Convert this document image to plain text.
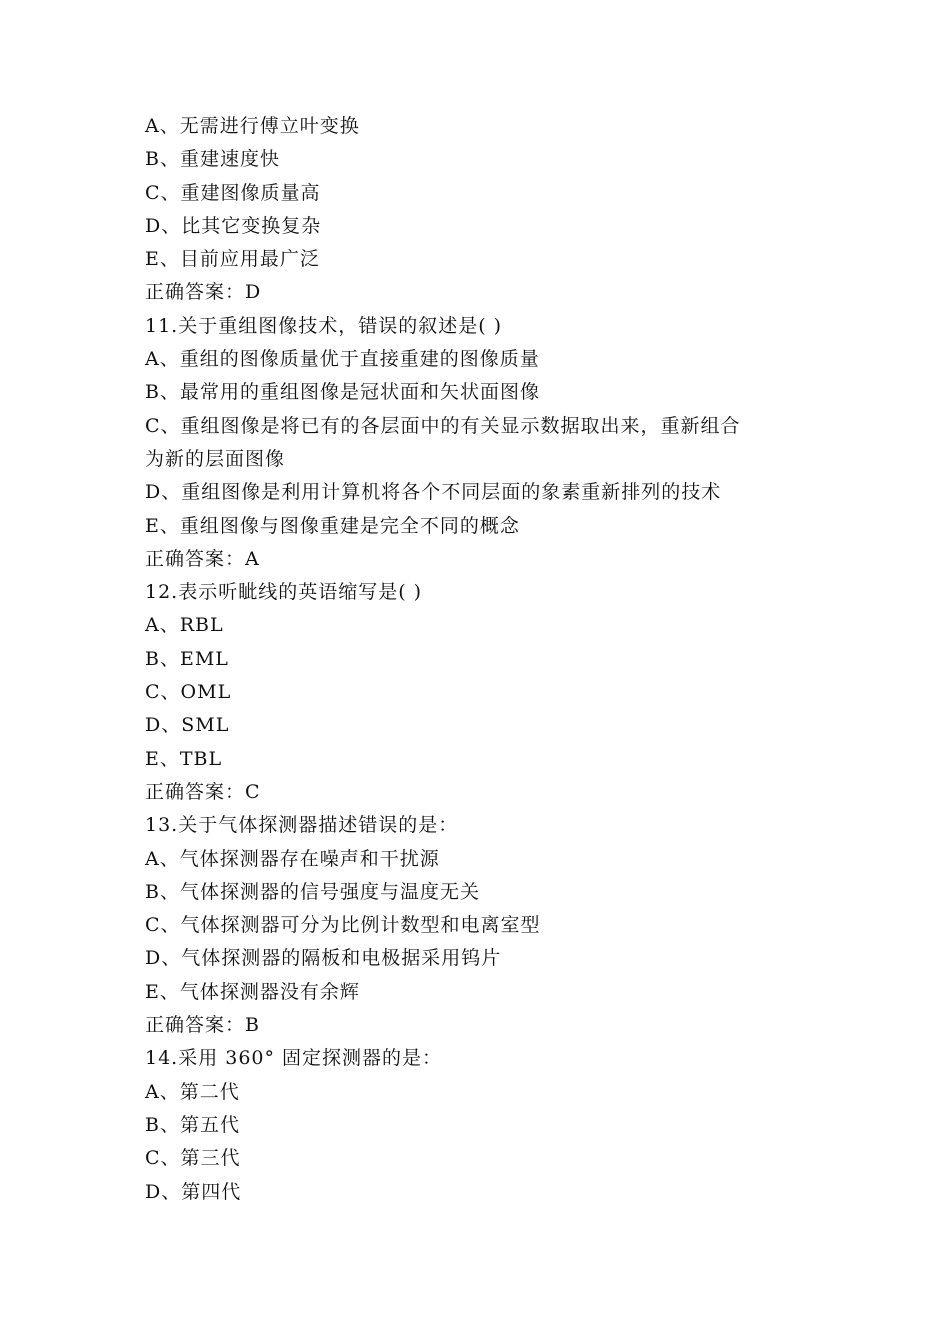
A、无需进行傅立叶变换
B、重建速度快
C、重建图像质量高
D、比其它变换复杂
E、目前应用最广泛
正确答案：D
11.关于重组图像技术，错误的叙述是( )
A、重组的图像质量优于直接重建的图像质量
B、最常用的重组图像是冠状面和矢状面图像
C、重组图像是将已有的各层面中的有关显示数据取出来，重新组合
为新的层面图像
D、重组图像是利用计算机将各个不同层面的象素重新排列的技术
E、重组图像与图像重建是完全不同的概念
正确答案：A
12.表示听眦线的英语缩写是( )
A、RBL
B、EML
C、OML
D、SML
E、TBL
正确答案：C
13.关于气体探测器描述错误的是：
A、气体探测器存在噪声和干扰源
B、气体探测器的信号强度与温度无关
C、气体探测器可分为比例计数型和电离室型
D、气体探测器的隔板和电极据采用钨片
E、气体探测器没有余辉
正确答案：B
14.采用 360° 固定探测器的是：
A、第二代
B、第五代
C、第三代
D、第四代
